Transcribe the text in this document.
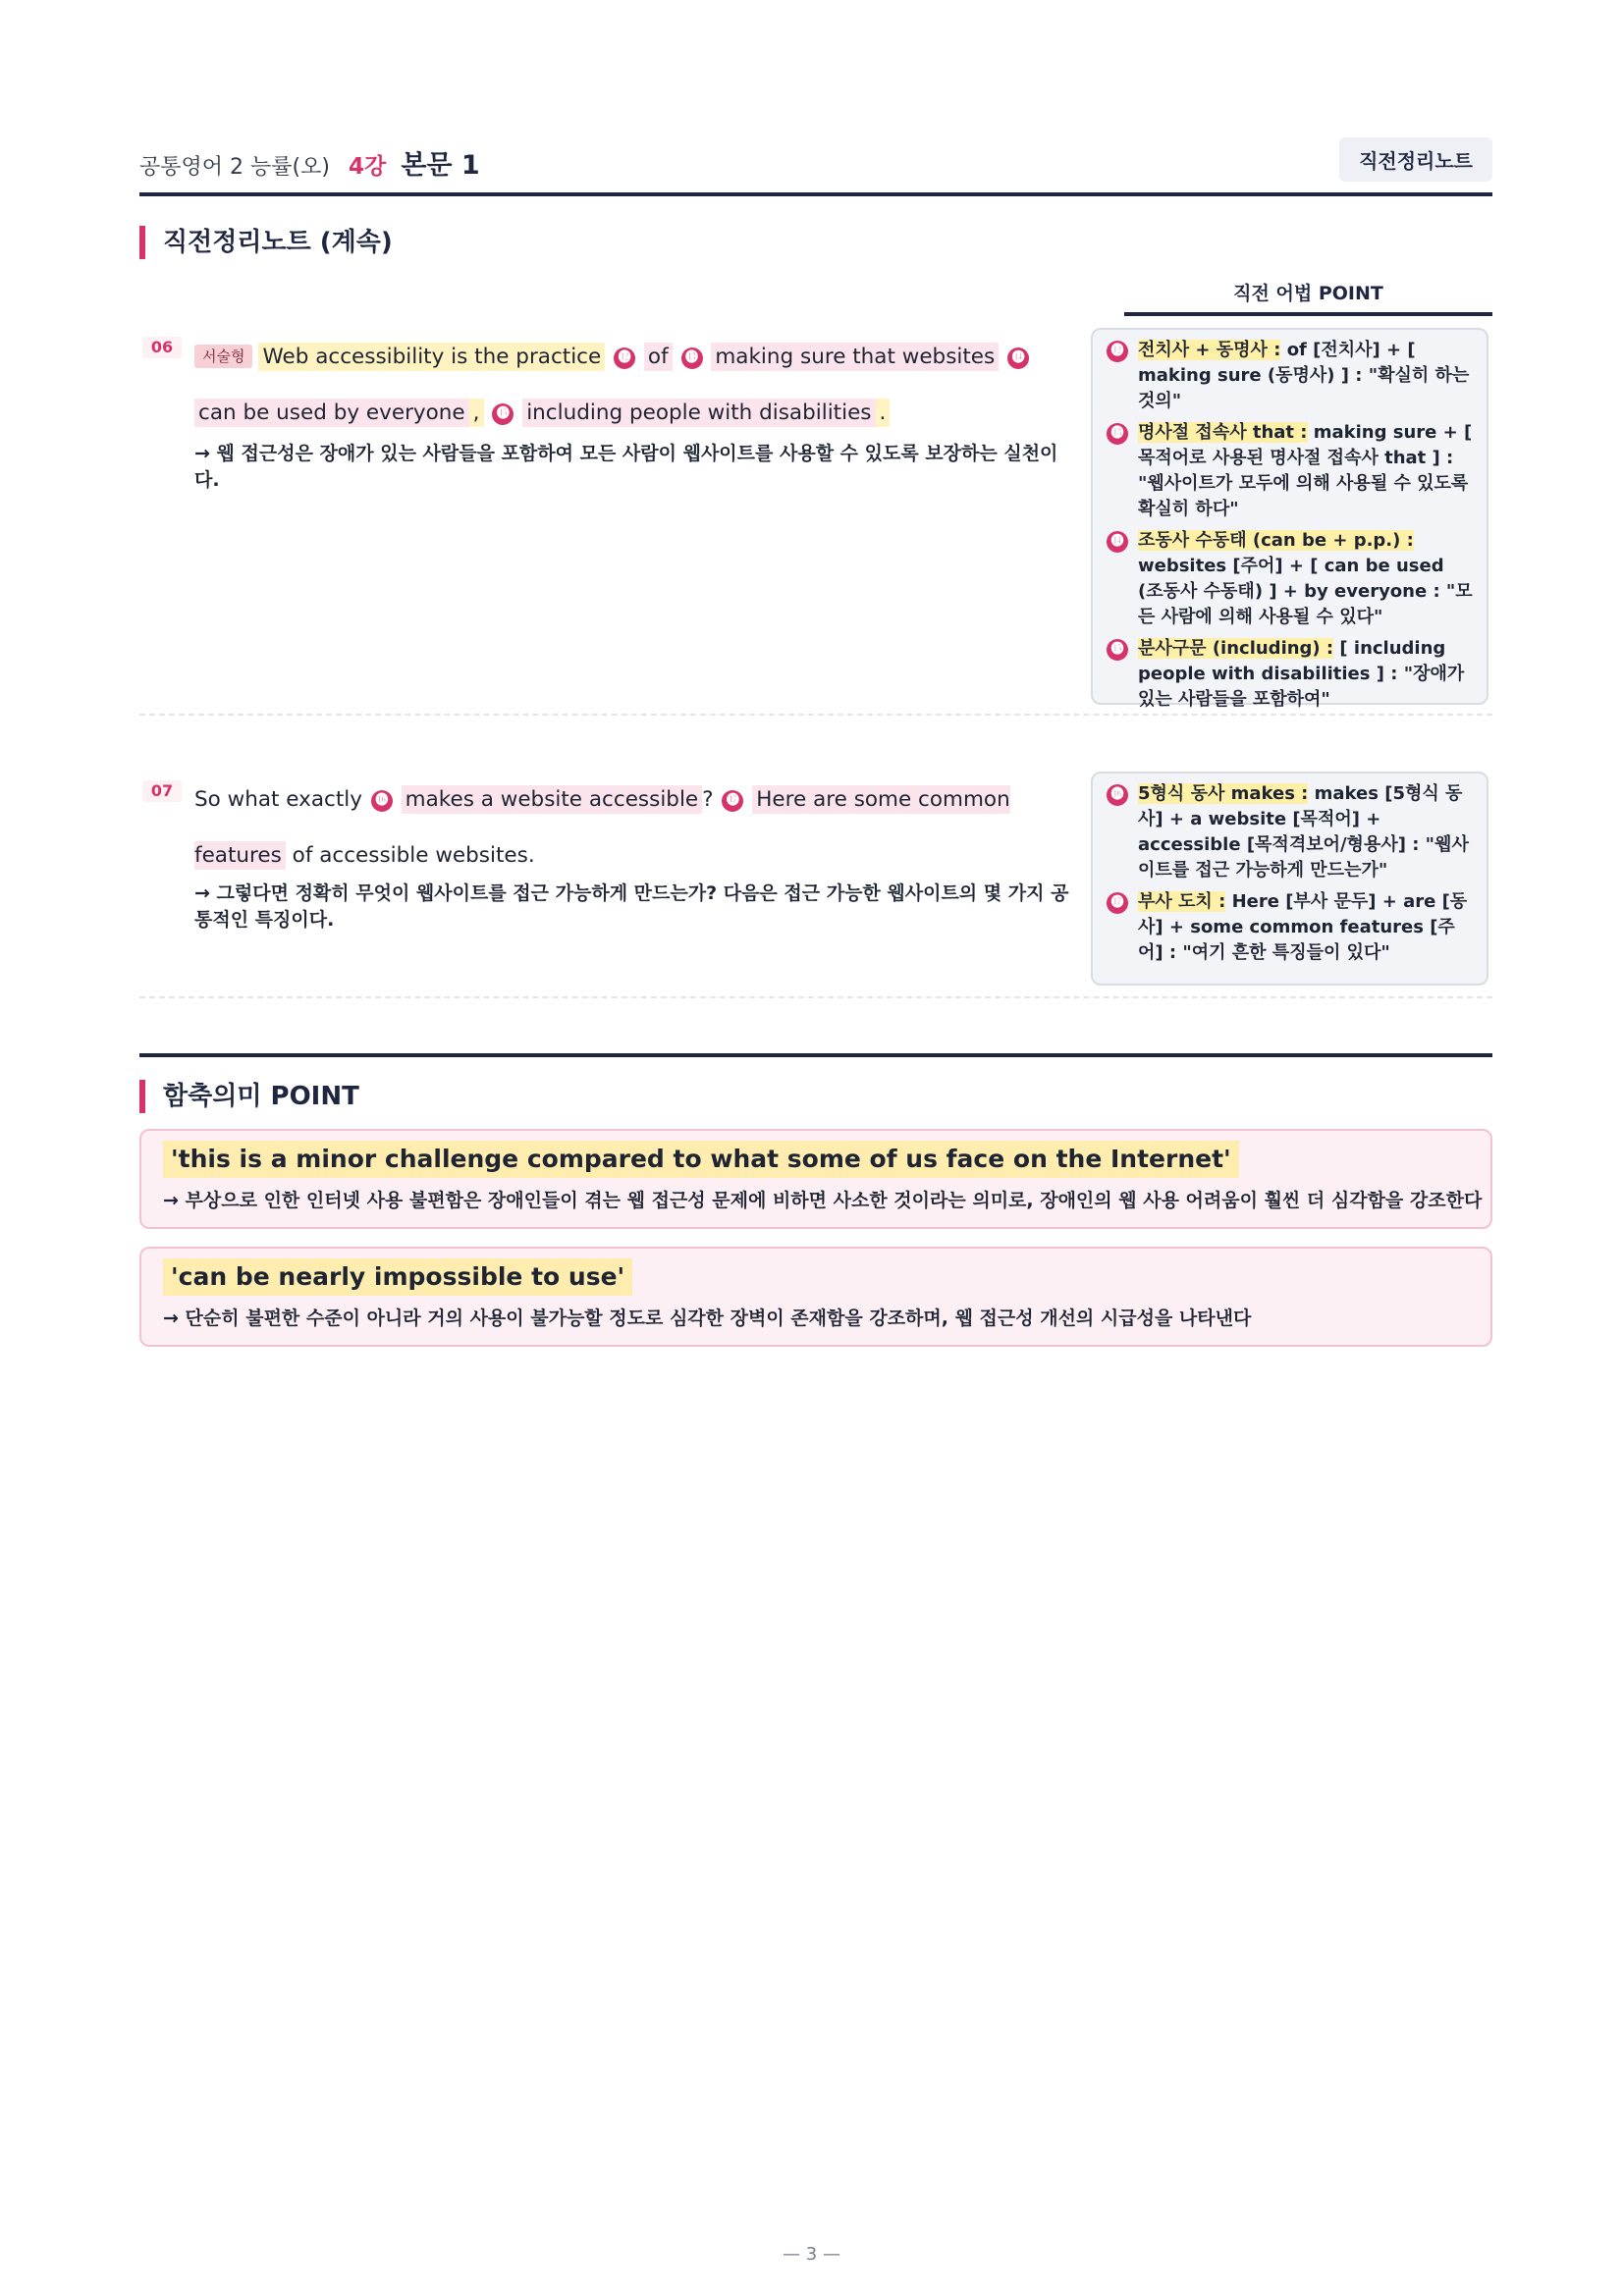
공통영어 2 능률(오) 4강 본문 1	직전정리노트
직전정리노트 (계속)
직전 어법 POINT
06	서술형 Web accessibility is the practice ⓬ of ⓭ making sure that websites ⓮ can be used by everyone , ⓯ including people with disabilities .
→ 웹 접근성은 장애가 있는 사람들을 포함하여 모든 사람이 웹사이트를 사용할 수 있도록 보장하는 실천이다.
⓬ 전치사 + 동명사 : of [전치사] + [ making sure (동명사) ] : "확실히 하는 것의"
⓭ 명사절 접속사 that : making sure + [ 목적어로 사용된 명사절 접속사 that ] : "웹사이트가 모두에 의해 사용될 수 있도록 확실히 하다"
⓮ 조동사 수동태 (can be + p.p.) : websites [주어] + [ can be used (조동사 수동태) ] + by everyone : "모든 사람에 의해 사용될 수 있다"
⓯ 분사구문 (including) : [ including people with disabilities ] : "장애가 있는 사람들을 포함하여"
07	So what exactly ⓰ makes a website accessible ? ⓱ Here are some common features of accessible websites.
→ 그렇다면 정확히 무엇이 웹사이트를 접근 가능하게 만드는가? 다음은 접근 가능한 웹사이트의 몇 가지 공통적인 특징이다.
⓰ 5형식 동사 makes : makes [5형식 동사] + a website [목적어] + accessible [목적격보어/형용사] : "웹사이트를 접근 가능하게 만드는가"
⓱ 부사 도치 : Here [부사 문두] + are [동사] + some common features [주어] : "여기 흔한 특징들이 있다"
함축의미 POINT
'this is a minor challenge compared to what some of us face on the Internet'
→ 부상으로 인한 인터넷 사용 불편함은 장애인들이 겪는 웹 접근성 문제에 비하면 사소한 것이라는 의미로, 장애인의 웹 사용 어려움이 훨씬 더 심각함을 강조한다
'can be nearly impossible to use'
→ 단순히 불편한 수준이 아니라 거의 사용이 불가능할 정도로 심각한 장벽이 존재함을 강조하며, 웹 접근성 개선의 시급성을 나타낸다
— 3 —
